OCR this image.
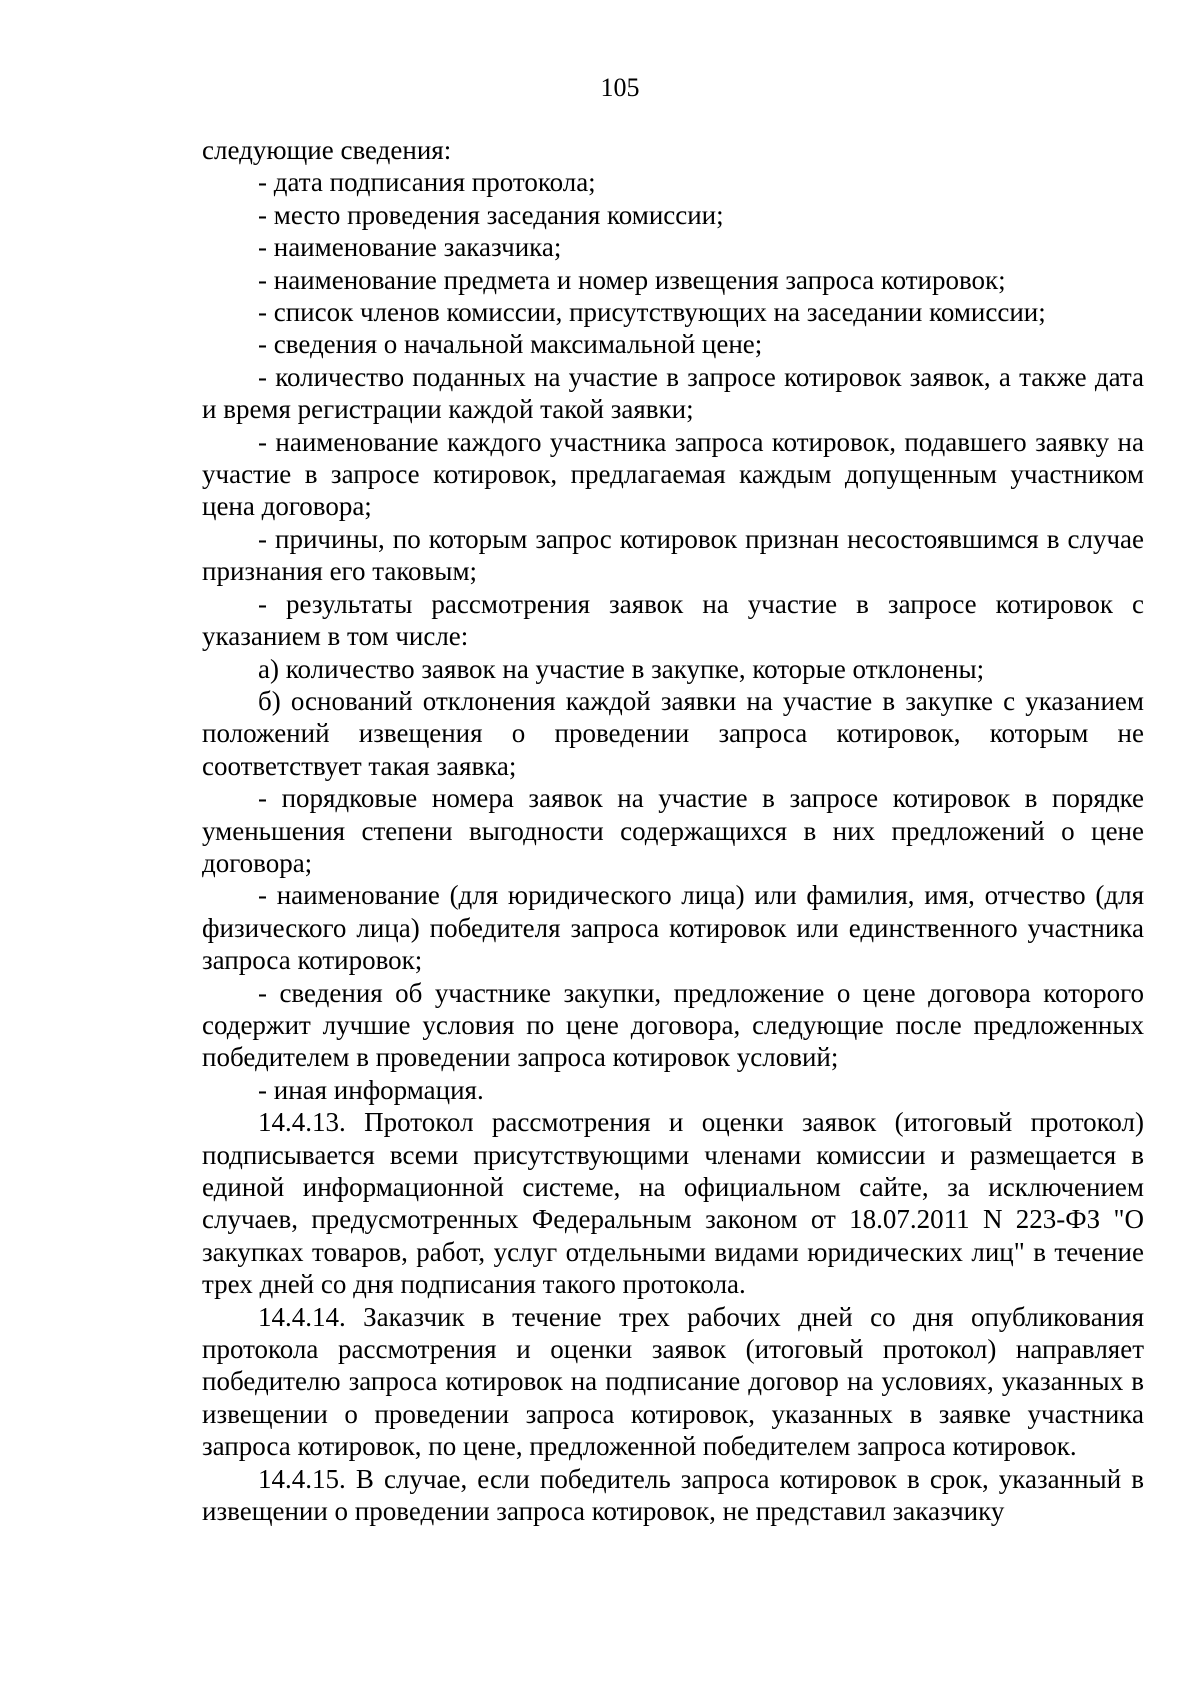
105

следующие сведения:

- дата подписания протокола;

- место проведения заседания комиссии;

- наименование заказчика;

- наименование предмета и номер извещения запроса котировок;

- список членов комиссии, присутствующих на заседании комиссии;

- сведения о начальной максимальной цене;

- количество поданных на участие в запросе котировок заявок, а также дата и время регистрации каждой такой заявки;

- наименование каждого участника запроса котировок, подавшего заявку на участие в запросе котировок, предлагаемая каждым допущенным участником цена договора;

- причины, по которым запрос котировок признан несостоявшимся в случае признания его таковым;

- результаты рассмотрения заявок на участие в запросе котировок с указанием в том числе:

а) количество заявок на участие в закупке, которые отклонены;

б) оснований отклонения каждой заявки на участие в закупке с указанием положений извещения о проведении запроса котировок, которым не соответствует такая заявка;

- порядковые номера заявок на участие в запросе котировок в порядке уменьшения степени выгодности содержащихся в них предложений о цене договора;

- наименование (для юридического лица) или фамилия, имя, отчество (для физического лица) победителя запроса котировок или единственного участника запроса котировок;

- сведения об участнике закупки, предложение о цене договора которого содержит лучшие условия по цене договора, следующие после предложенных победителем в проведении запроса котировок условий;

- иная информация.

14.4.13. Протокол рассмотрения и оценки заявок (итоговый протокол) подписывается всеми присутствующими членами комиссии и размещается в единой информационной системе, на официальном сайте, за исключением случаев, предусмотренных Федеральным законом от 18.07.2011 N 223-ФЗ "О закупках товаров, работ, услуг отдельными видами юридических лиц" в течение трех дней со дня подписания такого протокола.

14.4.14. Заказчик в течение трех рабочих дней со дня опубликования протокола рассмотрения и оценки заявок (итоговый протокол) направляет победителю запроса котировок на подписание договор на условиях, указанных в извещении о проведении запроса котировок, указанных в заявке участника запроса котировок, по цене, предложенной победителем запроса котировок.

14.4.15. В случае, если победитель запроса котировок в срок, указанный в извещении о проведении запроса котировок, не представил заказчику
